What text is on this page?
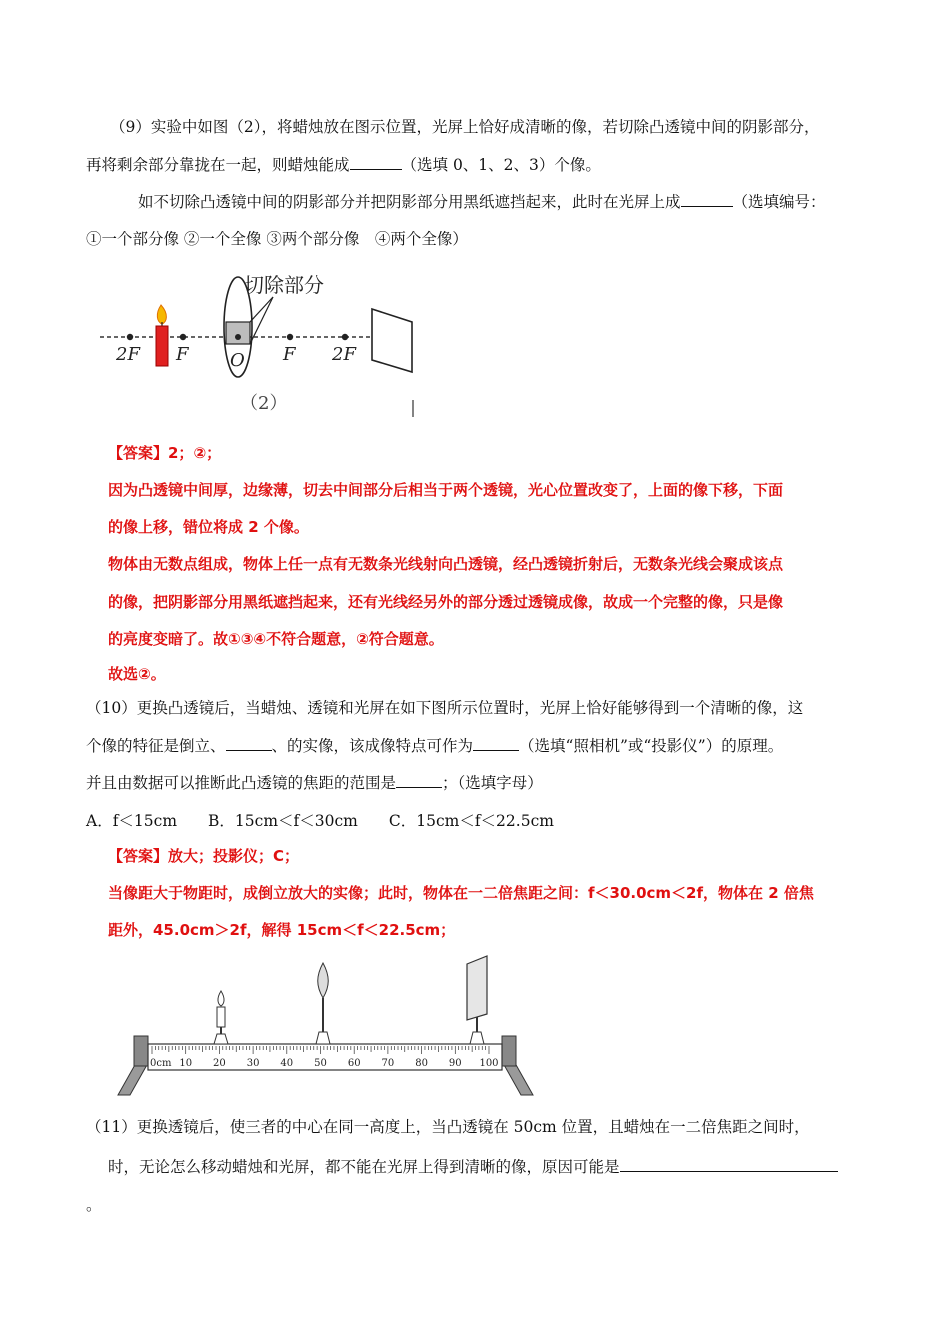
（9）实验中如图（2），将蜡烛放在图示位置，光屏上恰好成清晰的像，若切除凸透镜中间的阴影部分，
再将剩余部分靠拢在一起，则蜡烛能成	（选填 0、1、2、3）个像。
如不切除凸透镜中间的阴影部分并把阴影部分用黑纸遮挡起来，此时在光屏上成	（选填编号：
①一个部分像 ②一个全像 ③两个部分像　④两个全像）
切除部分
2F F O F 2F
（2）
【答案】2；②；
因为凸透镜中间厚，边缘薄，切去中间部分后相当于两个透镜，光心位置改变了，上面的像下移，下面
的像上移，错位将成 2 个像。
物体由无数点组成，物体上任一点有无数条光线射向凸透镜，经凸透镜折射后，无数条光线会聚成该点
的像，把阴影部分用黑纸遮挡起来，还有光线经另外的部分透过透镜成像，故成一个完整的像，只是像
的亮度变暗了。故①③④不符合题意，②符合题意。
故选②。
（10）更换凸透镜后，当蜡烛、透镜和光屏在如下图所示位置时，光屏上恰好能够得到一个清晰的像，这
个像的特征是倒立、	、的实像，该成像特点可作为	（选填“照相机”或“投影仪”）的原理。
并且由数据可以推断此凸透镜的焦距的范围是	；（选填字母）
A．f＜15cm　　B．15cm＜f＜30cm　　C．15cm＜f＜22.5cm
【答案】放大；投影仪；C；
当像距大于物距时，成倒立放大的实像；此时，物体在一二倍焦距之间：f＜30.0cm＜2f，物体在 2 倍焦
距外，45.0cm＞2f，解得 15cm＜f＜22.5cm；
0cm 10 20 30 40 50 60 70 80 90 100
（11）更换透镜后，使三者的中心在同一高度上，当凸透镜在 50cm 位置，且蜡烛在一二倍焦距之间时，
时，无论怎么移动蜡烛和光屏，都不能在光屏上得到清晰的像，原因可能是
。
